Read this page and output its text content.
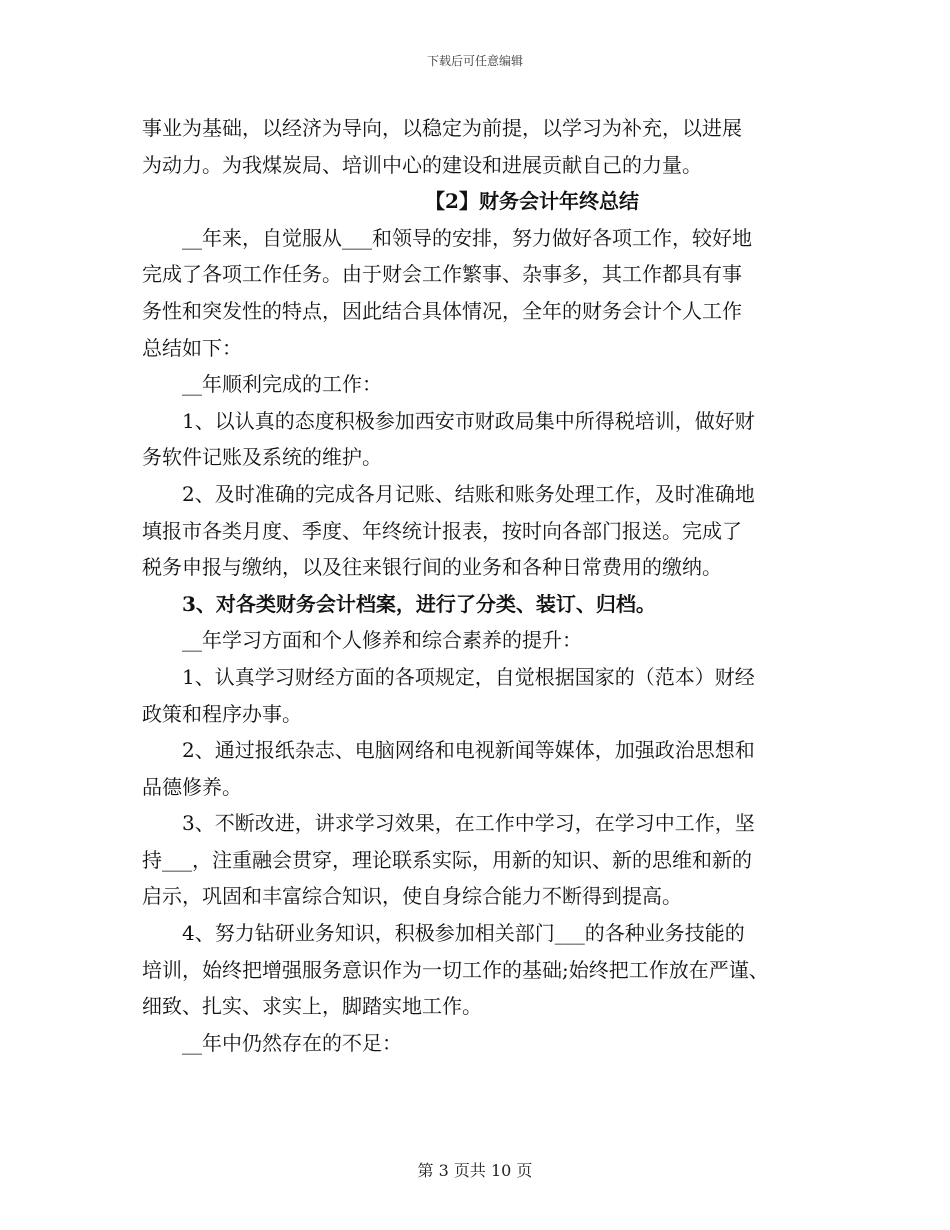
下载后可任意编辑
事业为基础，以经济为导向，以稳定为前提，以学习为补充，以进展
为动力。为我煤炭局、培训中心的建设和进展贡献自己的力量。
【2】财务会计年终总结
__年来，自觉服从___和领导的安排，努力做好各项工作，较好地
完成了各项工作任务。由于财会工作繁事、杂事多，其工作都具有事
务性和突发性的特点，因此结合具体情况，全年的财务会计个人工作
总结如下：
__年顺利完成的工作：
1、以认真的态度积极参加西安市财政局集中所得税培训，做好财
务软件记账及系统的维护。
2、及时准确的完成各月记账、结账和账务处理工作，及时准确地
填报市各类月度、季度、年终统计报表，按时向各部门报送。完成了
税务申报与缴纳，以及往来银行间的业务和各种日常费用的缴纳。
3、对各类财务会计档案，进行了分类、装订、归档。
__年学习方面和个人修养和综合素养的提升：
1、认真学习财经方面的各项规定，自觉根据国家的（范本）财经
政策和程序办事。
2、通过报纸杂志、电脑网络和电视新闻等媒体，加强政治思想和
品德修养。
3、不断改进，讲求学习效果，在工作中学习，在学习中工作，坚
持___，注重融会贯穿，理论联系实际，用新的知识、新的思维和新的
启示，巩固和丰富综合知识，使自身综合能力不断得到提高。
4、努力钻研业务知识，积极参加相关部门___的各种业务技能的
培训，始终把增强服务意识作为一切工作的基础;始终把工作放在严谨、
细致、扎实、求实上，脚踏实地工作。
__年中仍然存在的不足：
第 3 页共 10 页
